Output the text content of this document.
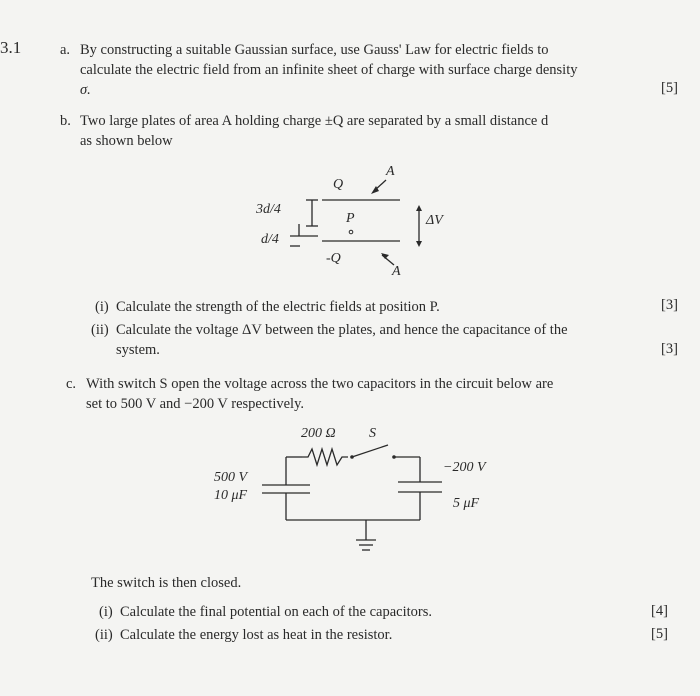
3.1	a. By constructing a suitable Gaussian surface, use Gauss' Law for electric fields to
calculate the electric field from an infinite sheet of charge with surface charge density
σ.	[5]
b. Two large plates of area A holding charge ±Q are separated by a small distance d
as shown below
Q
A
3d/4
P	ΔV
d/4
-Q
A
(i) Calculate the strength of the electric fields at position P.	[3]
(ii) Calculate the voltage ΔV between the plates, and hence the capacitance of the
system.	[3]
c. With switch S open the voltage across the two capacitors in the circuit below are
set to 500 V and −200 V respectively.
200 Ω S
500 V
10 μF
−200 V
5 μF
The switch is then closed.
(i) Calculate the final potential on each of the capacitors.	[4]
(ii) Calculate the energy lost as heat in the resistor.	[5]
